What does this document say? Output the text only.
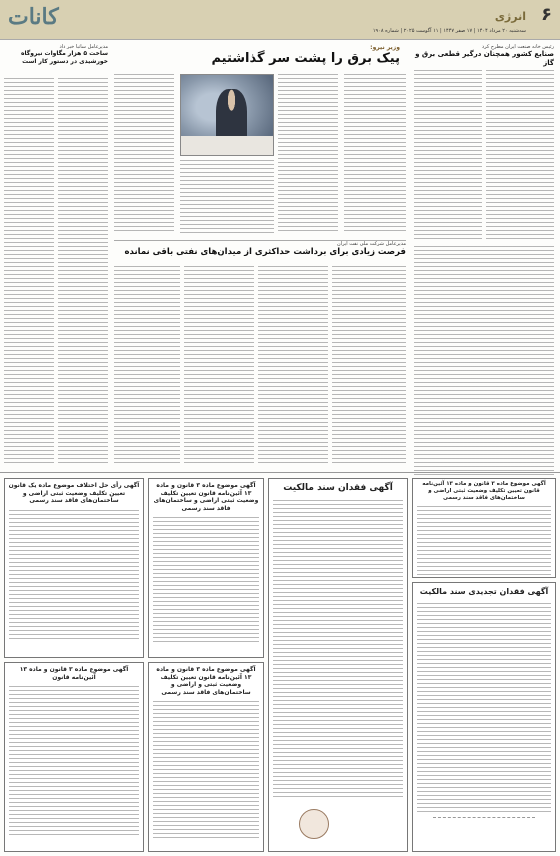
کانات	۶
انرژی
سه‌شنبه ۲۰ مرداد ۱۴۰۴ | ۱۷ صفر ۱۴۴۷ | ۱۱ آگوست ۲۰۲۵ | شماره ۱۹۰۸
وزیر نیرو:
پیک برق را پشت سر گذاشتیم
رئیس خانه صنعت ایران مطرح کرد
صنایع کشور همچنان درگیر قطعی برق و گاز
مدیرعامل ساتبا خبر داد
ساخت ۵ هزار مگاوات نیروگاه خورشیدی در دستور کار است
مدیرعامل شرکت ملی نفت ایران
فرصت زیادی برای برداشت حداکثری از میدان‌های نفتی باقی نمانده
آگهی موضوع ماده ۳ قانون و ماده ۱۳ آئین‌نامه قانون تعیین تکلیف وضعیت ثبتی اراضی و ساختمان‌های فاقد سند رسمی
آگهی فقدان تجدیدی سند مالکیت
آگهی فقدان سند مالکیت
آگهی موضوع ماده ۳ قانون و ماده ۱۳ آئین‌نامه قانون تعیین تکلیف وضعیت ثبتی اراضی و ساختمان‌های فاقد سند رسمی
آگهی موضوع ماده ۳ قانون و ماده ۱۳ آئین‌نامه قانون تعیین تکلیف وضعیت ثبتی و اراضی و ساختمان‌های فاقد سند رسمی
آگهی رأی حل اختلاف موضوع ماده یک قانون تعیین تکلیف وضعیت ثبتی اراضی و ساختمان‌های فاقد سند رسمی
آگهی موضوع ماده ۳ قانون و ماده ۱۳ آئین‌نامه قانون
